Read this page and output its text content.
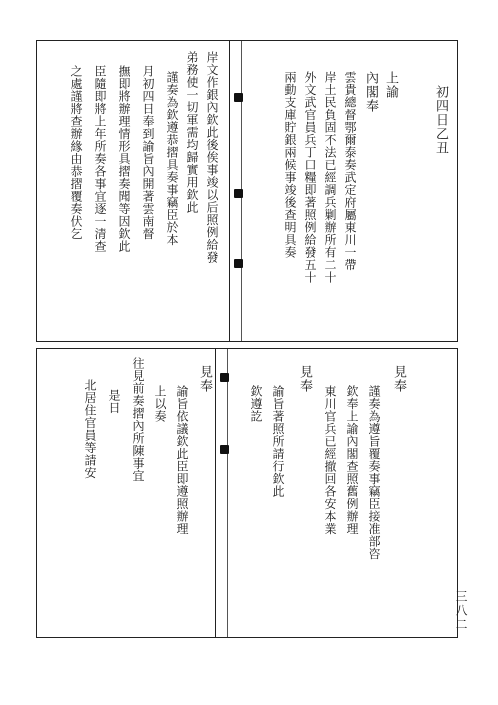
初四日乙丑
上諭
內閣奉
雲貴總督鄂爾泰奏武定府屬東川一帶
岸土民負固不法已經調兵剿辦所有二十
外文武官員兵丁口糧即著照例給發五十
兩動支庫貯銀兩候事竣後查明具奏
岸文作銀內欽此後俟事竣以后照例給發
弟務使一切軍需均歸實用欽此
謹奏為欽遵恭摺具奏事竊臣於本
月初四日奉到諭旨內開著雲南督
撫即將辦理情形具摺奏聞等因欽此
臣隨即將上年所奏各事宜逐一清查
之處謹將查辦緣由恭摺覆奏伏乞
見奉
謹奏為遵旨覆奏事竊臣接准部咨
欽奉上諭內閣查照舊例辦理
東川官兵已經撤回各安本業
見奉
諭旨著照所請行欽此
欽遵訖
見奉
諭旨依議欽此臣即遵照辦理
上以奏
往見前奏摺內所陳事宜
是日
北居住官員等請安
三八二
